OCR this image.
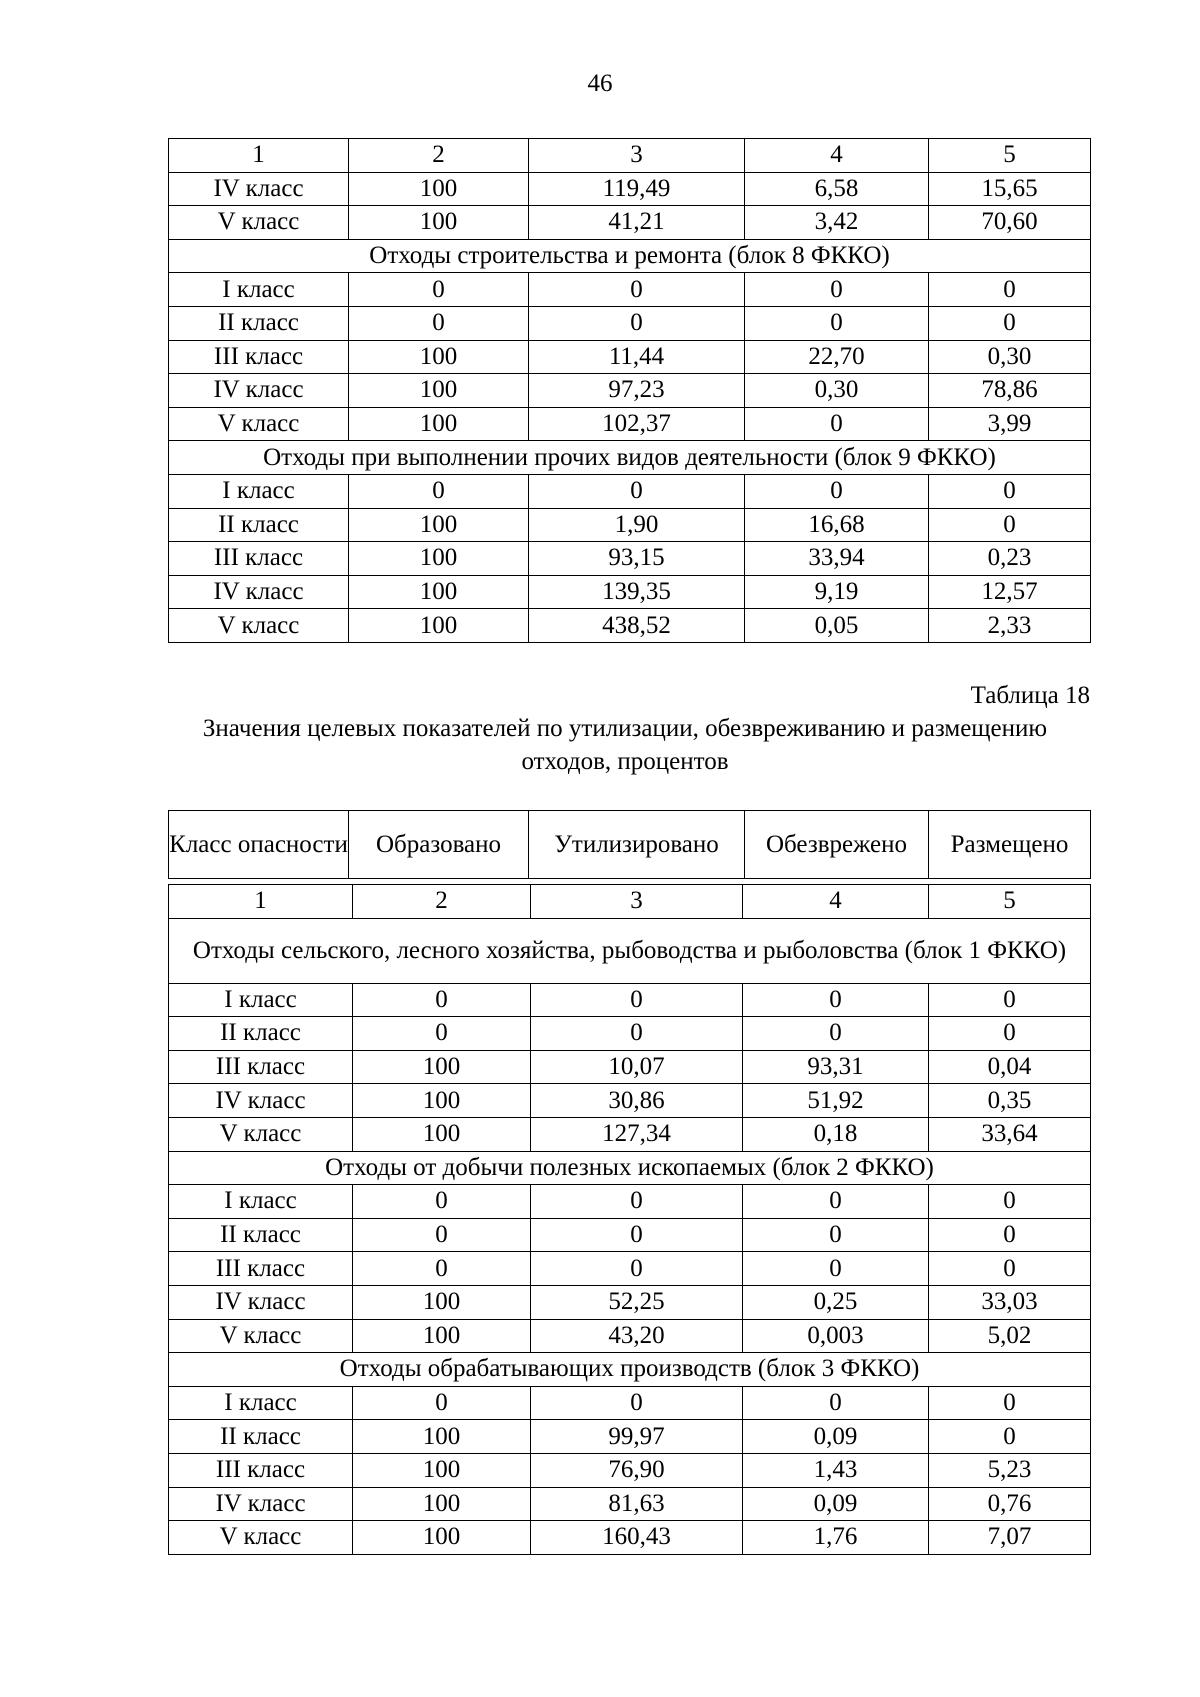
46
1	2	3	4	5
IV класс	100	119,49	6,58	15,65
V класс	100	41,21	3,42	70,60
Отходы строительства и ремонта (блок 8 ФККО)				
I класс	0	0	0	0
II класс	0	0	0	0
III класс	100	11,44	22,70	0,30
IV класс	100	97,23	0,30	78,86
V класс	100	102,37	0	3,99
Отходы при выполнении прочих видов деятельности (блок 9 ФККО)				
I класс	0	0	0	0
II класс	100	1,90	16,68	0
III класс	100	93,15	33,94	0,23
IV класс	100	139,35	9,19	12,57
V класс	100	438,52	0,05	2,33
Таблица 18
Значения целевых показателей по утилизации, обезвреживанию и размещению отходов, процентов
Класс опасности	Образовано	Утилизировано	Обезврежено	Размещено
1	2	3	4	5
Отходы сельского, лесного хозяйства, рыбоводства и рыболовства (блок 1 ФККО)				
I класс	0	0	0	0
II класс	0	0	0	0
III класс	100	10,07	93,31	0,04
IV класс	100	30,86	51,92	0,35
V класс	100	127,34	0,18	33,64
Отходы от добычи полезных ископаемых (блок 2 ФККО)				
I класс	0	0	0	0
II класс	0	0	0	0
III класс	0	0	0	0
IV класс	100	52,25	0,25	33,03
V класс	100	43,20	0,003	5,02
Отходы обрабатывающих производств (блок 3 ФККО)				
I класс	0	0	0	0
II класс	100	99,97	0,09	0
III класс	100	76,90	1,43	5,23
IV класс	100	81,63	0,09	0,76
V класс	100	160,43	1,76	7,07
